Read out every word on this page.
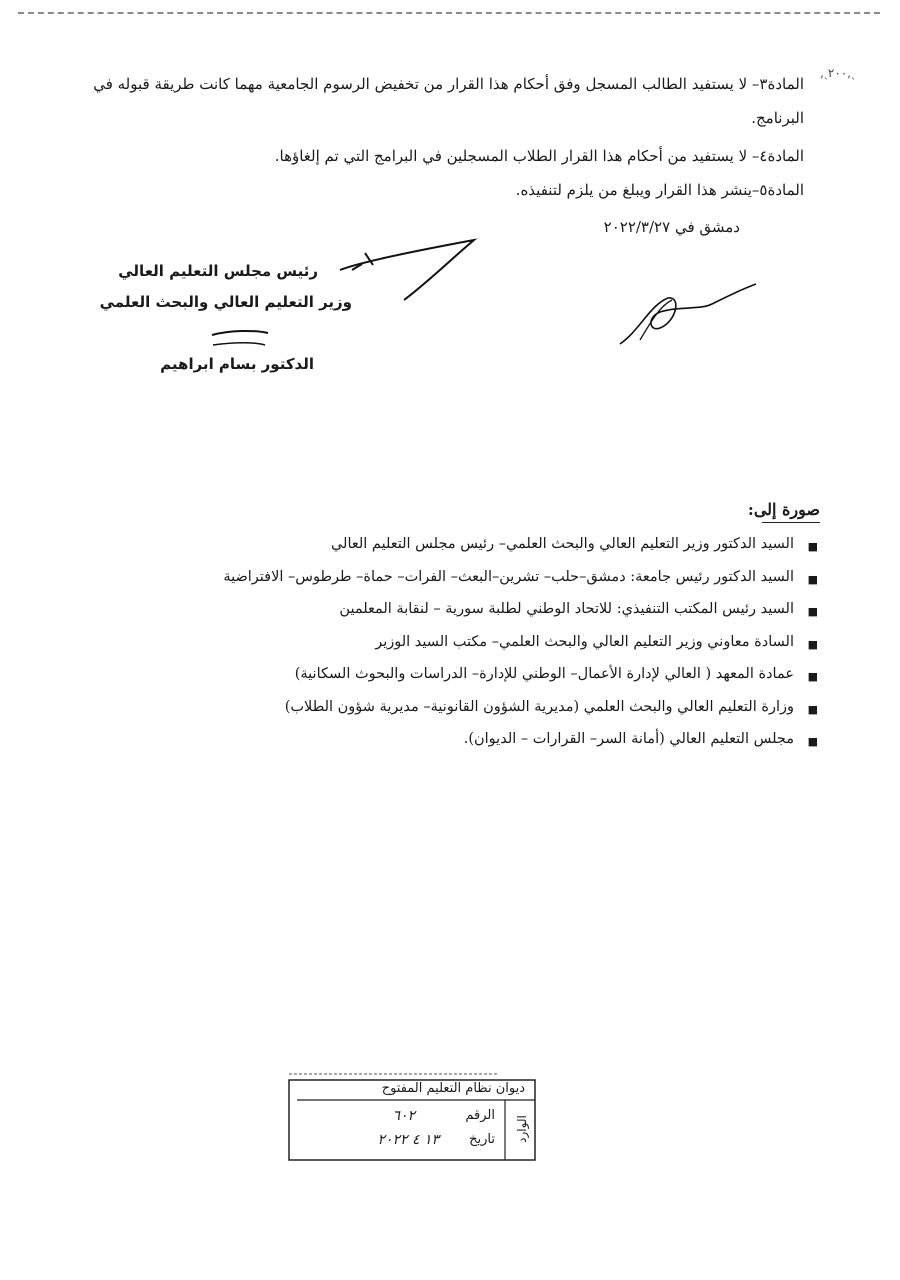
‚ˏ٢٠٠‚ˏ
المادة٣– لا يستفيد الطالب المسجل وفق أحكام هذا القرار من تخفيض الرسوم الجامعية مهما كانت طريقة قبوله في
البرنامج.
المادة٤– لا يستفيد من أحكام هذا القرار الطلاب المسجلين في البرامج التي تم إلغاؤها.
المادة٥–ينشر هذا القرار ويبلغ من يلزم لتنفيذه.
دمشق في ٢٠٢٢/٣/٢٧
رئيس مجلس التعليم العالي
وزير التعليم العالي والبحث العلمي
الدكتور بسام ابراهيم
صورة إلى:
■
السيد الدكتور وزير التعليم العالي والبحث العلمي– رئيس مجلس التعليم العالي
■
السيد الدكتور رئيس جامعة: دمشق–حلب– تشرين–البعث– الفرات– حماة– طرطوس– الافتراضية
■
السيد رئيس المكتب التنفيذي: للاتحاد الوطني لطلبة سورية – لنقابة المعلمين
■
السادة معاوني وزير التعليم العالي والبحث العلمي– مكتب السيد الوزير
■
عمادة المعهد ( العالي لإدارة الأعمال– الوطني للإدارة– الدراسات والبحوث السكانية)
■
وزارة التعليم العالي والبحث العلمي (مديرية الشؤون القانونية– مديرية شؤون الطلاب)
■
مجلس التعليم العالي (أمانة السر– القرارات – الديوان).
ديوان نظام التعليم المفتوح
الوارد
الرقم
٦٠٢
تاريخ
١٣ ٤ ٢٠٢٢
